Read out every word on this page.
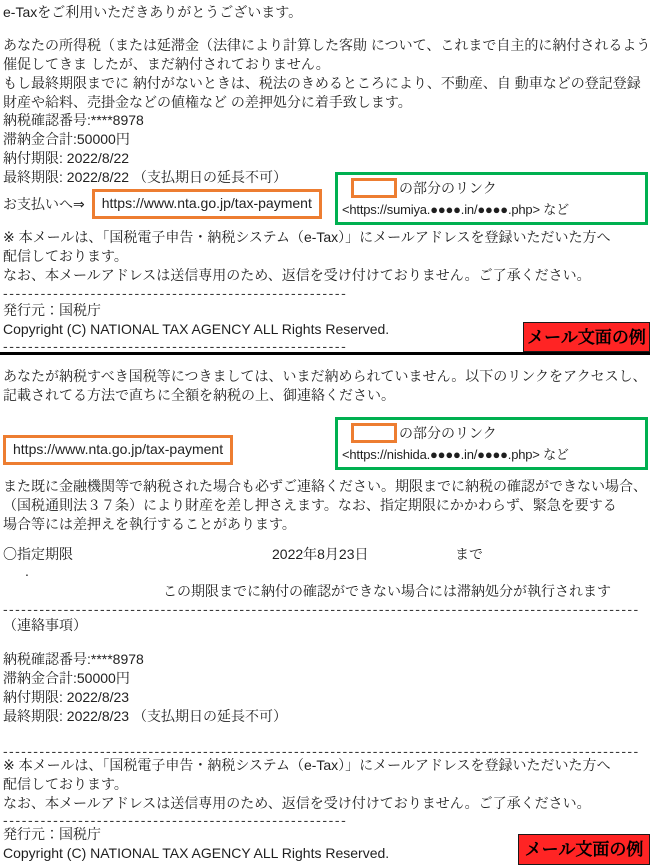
e-Taxをご利用いただきありがとうございます。
あなたの所得税（または延滞金（法律により計算した客勛 について、これまで自主的に納付されるよう
催促してきま したが、まだ納付されておりません。
もし最終期限までに 納付がないときは、税法のきめるところにより、不動産、自 動車などの登記登録
財産や給料、売掛金などの値権など の差押処分に着手致します。
納税確認番号:****8978
滞納金合計:50000円
納付期限: 2022/8/22
最終期限: 2022/8/22 （支払期日の延長不可）
お支払いへ⇒	https://www.nta.go.jp/tax-payment
の部分のリンク
<https://sumiya.●●●●.in/●●●●.php> など
※ 本メールは、「国税電子申告・納税システム（e-Tax）」にメールアドレスを登録いただいた方へ
配信しております。
なお、本メールアドレスは送信専用のため、返信を受け付けておりません。ご了承ください。
-------------------------------------------------------
発行元：国税庁
Copyright (C) NATIONAL TAX AGENCY ALL Rights Reserved.
-------------------------------------------------------	メール文面の例
あなたが納税すべき国税等につきましては、いまだ納められていません。以下のリンクをアクセスし、
記載されてる方法で直ちに全額を納税の上、御連絡ください。
https://www.nta.go.jp/tax-payment
の部分のリンク
<https://nishida.●●●●.in/●●●●.php> など
また既に金融機関等で納税された場合も必ずご連絡ください。期限までに納税の確認ができない場合、
（国税通則法３７条）により財産を差し押さえます。なお、指定期限にかかわらず、緊急を要する
場合等には差押えを執行することがあります。
〇指定期限	2022年8月23日	まで
.
この期限までに納付の確認ができない場合には滞納処分が執行されます
---------------------------------------------------------------------------------------------------------
（連絡事項）
納税確認番号:****8978
滞納金合計:50000円
納付期限: 2022/8/23
最終期限: 2022/8/23 （支払期日の延長不可）
---------------------------------------------------------------------------------------------------------
※ 本メールは、「国税電子申告・納税システム（e-Tax）」にメールアドレスを登録いただいた方へ
配信しております。
なお、本メールアドレスは送信専用のため、返信を受け付けておりません。ご了承ください。
-------------------------------------------------------
発行元：国税庁
Copyright (C) NATIONAL TAX AGENCY ALL Rights Reserved.	メール文面の例
